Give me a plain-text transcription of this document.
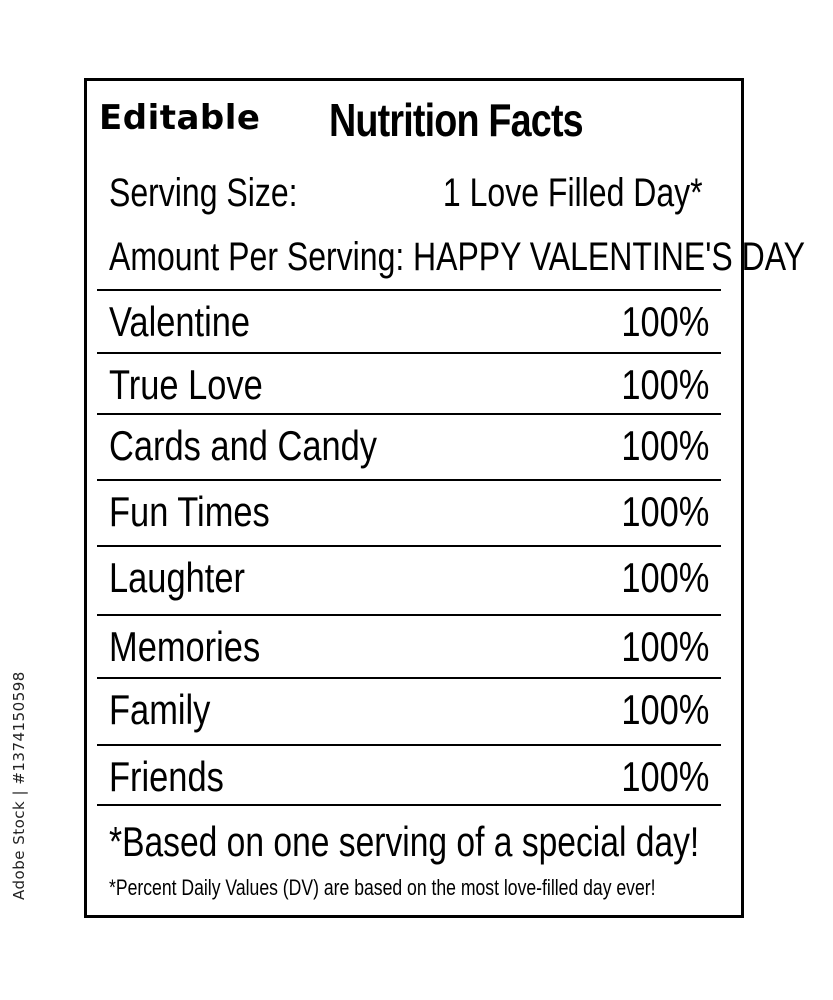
Editable Nutrition Facts
Serving Size:	1 Love Filled Day*
Amount Per Serving: HAPPY VALENTINE'S DAY
Valentine	100%
True Love	100%
Cards and Candy	100%
Fun Times	100%
Laughter	100%
Memories	100%
Family	100%
Friends	100%
*Based on one serving of a special day!
*Percent Daily Values (DV) are based on the most love-filled day ever!
Adobe Stock | #1374150598
